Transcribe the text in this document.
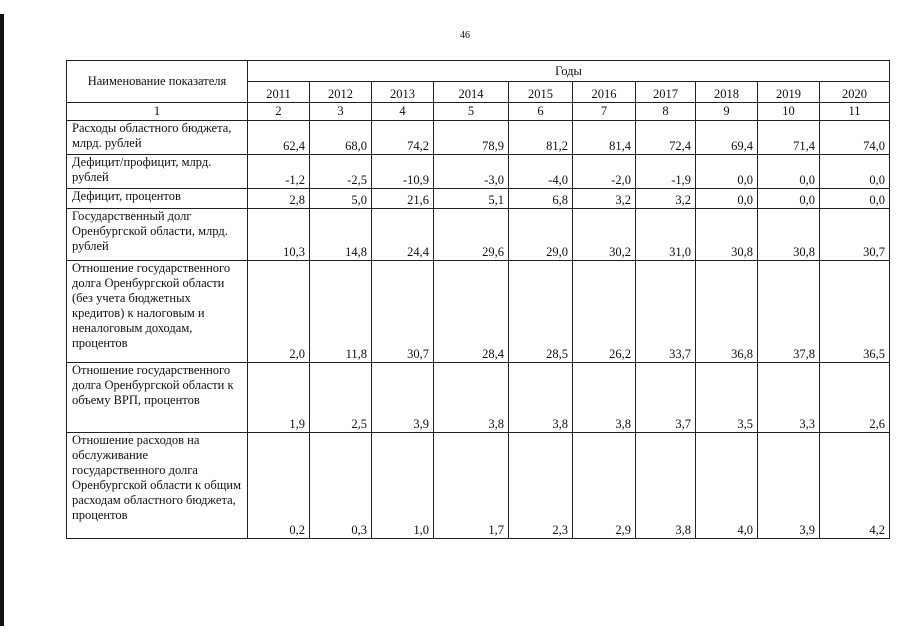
46
Наименование показателя	Годы									
	2011	2012	2013	2014	2015	2016	2017	2018	2019	2020
1	2	3	4	5	6	7	8	9	10	11
Расходы областного бюджета, млрд. рублей	62,4	68,0	74,2	78,9	81,2	81,4	72,4	69,4	71,4	74,0
Дефицит/профицит, млрд. рублей	-1,2	-2,5	-10,9	-3,0	-4,0	-2,0	-1,9	0,0	0,0	0,0
Дефицит, процентов	2,8	5,0	21,6	5,1	6,8	3,2	3,2	0,0	0,0	0,0
Государственный долг Оренбургской области, млрд. рублей	10,3	14,8	24,4	29,6	29,0	30,2	31,0	30,8	30,8	30,7
Отношение государственного долга Оренбургской области (без учета бюджетных кредитов) к налоговым и неналоговым доходам, процентов	2,0	11,8	30,7	28,4	28,5	26,2	33,7	36,8	37,8	36,5
Отношение государственного долга Оренбургской области к объему ВРП, процентов	1,9	2,5	3,9	3,8	3,8	3,8	3,7	3,5	3,3	2,6
Отношение расходов на обслуживание государственного долга Оренбургской области к общим расходам областного бюджета, процентов	0,2	0,3	1,0	1,7	2,3	2,9	3,8	4,0	3,9	4,2
